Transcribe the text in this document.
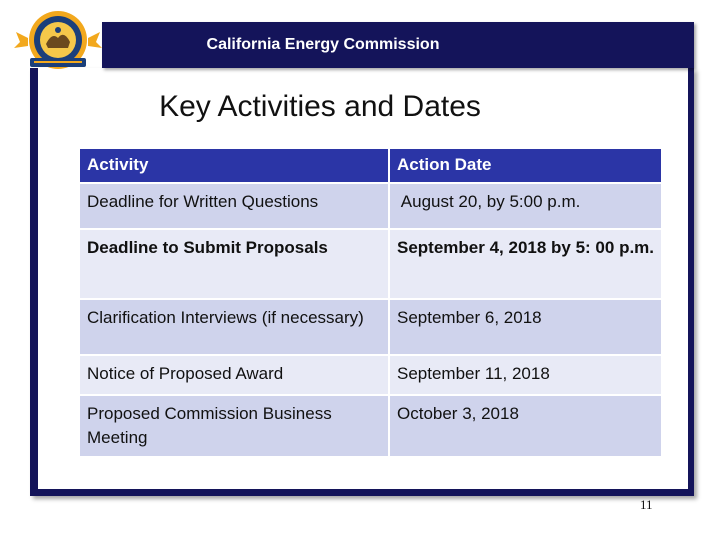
California Energy Commission
Key Activities and Dates
Activity	Action Date
Deadline for Written Questions	August 20, by 5:00 p.m.
Deadline to Submit Proposals	September 4, 2018 by 5: 00 p.m.
Clarification Interviews (if necessary)	September 6, 2018
Notice of Proposed Award	September 11, 2018
Proposed Commission Business Meeting	October 3, 2018
11
